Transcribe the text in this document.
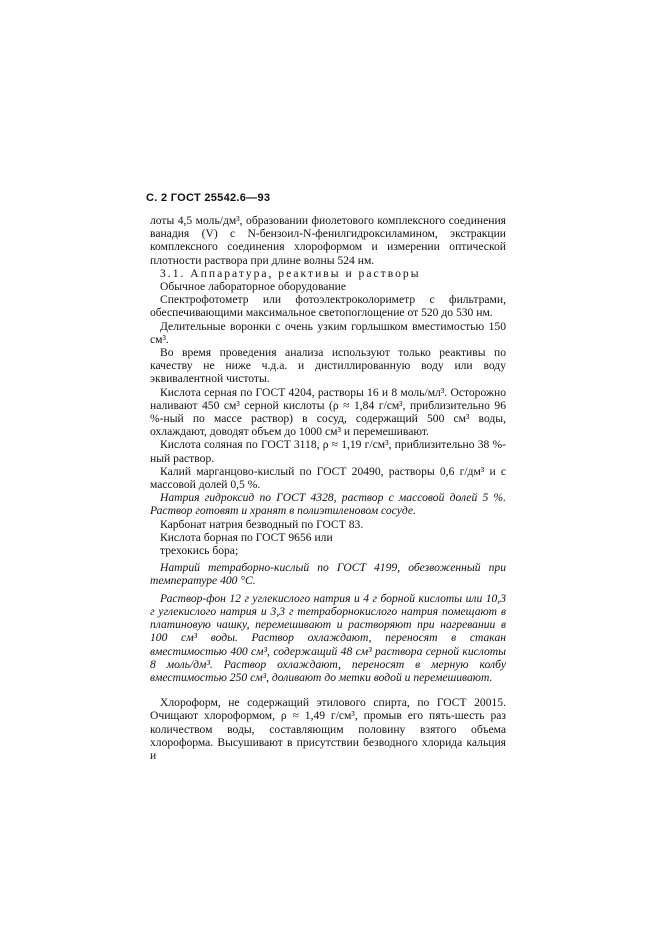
С. 2 ГОСТ 25542.6—93

лоты 4,5 моль/дм³, образовании фиолетового комплексного соединения ванадия (V) с N-бензоил-N-фенилгидроксиламином, экстракции комплексного соединения хлороформом и измерении оптической плотности раствора при длине волны 524 нм.

3.1. Аппаратура, реактивы и растворы

Обычное лабораторное оборудование

Спектрофотометр или фотоэлектроколориметр с фильтрами, обеспечивающими максимальное светопоглощение от 520 до 530 нм.

Делительные воронки с очень узким горлышком вместимостью 150 см³.

Во время проведения анализа используют только реактивы по качеству не ниже ч.д.а. и дистиллированную воду или воду эквивалентной чистоты.

Кислота серная по ГОСТ 4204, растворы 16 и 8 моль/мл³. Осторожно наливают 450 см³ серной кислоты (ρ ≈ 1,84 г/см³, приблизительно 96 %-ный по массе раствор) в сосуд, содержащий 500 см³ воды, охлаждают, доводят объем до 1000 см³ и перемешивают.

Кислота соляная по ГОСТ 3118, ρ ≈ 1,19 г/см³, приблизительно 38 %-ный раствор.

Калий марганцово-кислый по ГОСТ 20490, растворы 0,6 г/дм³ и с массовой долей 0,5 %.

Натрия гидроксид по ГОСТ 4328, раствор с массовой долей 5 %. Раствор готовят и хранят в полиэтиленовом сосуде.

Карбонат натрия безводный по ГОСТ 83.

Кислота борная по ГОСТ 9656 или

трехокись бора;

Натрий тетраборно-кислый по ГОСТ 4199, обезвоженный при температуре 400 °С.

Раствор-фон 12 г углекислого натрия и 4 г борной кислоты или 10,3 г углекислого натрия и 3,3 г тетраборнокислого натрия помещают в платиновую чашку, перемешивают и растворяют при нагревании в 100 см³ воды. Раствор охлаждают, переносят в стакан вместимостью 400 см³, содержащий 48 см³ раствора серной кислоты 8 моль/дм³. Раствор охлаждают, переносят в мерную колбу вместимостью 250 см³, доливают до метки водой и перемешивают.

Хлороформ, не содержащий этилового спирта, по ГОСТ 20015. Очищают хлороформом, ρ ≈ 1,49 г/см³, промыв его пять-шесть раз количеством воды, составляющим половину взятого объема хлороформа. Высушивают в присутствии безводного хлорида кальция и
